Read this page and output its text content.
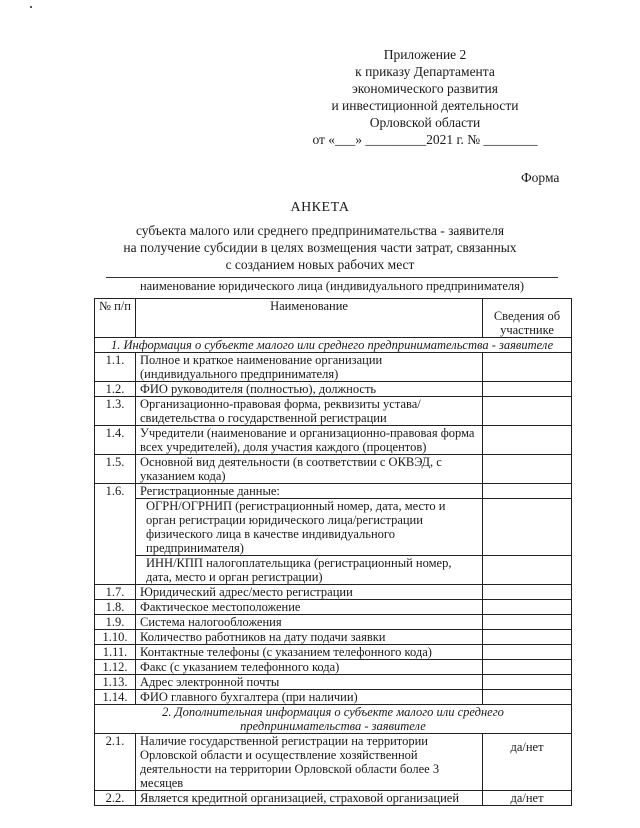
Приложение 2
к приказу Департамента
экономического развития
и инвестиционной деятельности
Орловской области
от «___» _________2021 г. № ________
Форма
АНКЕТА
субъекта малого или среднего предпринимательства - заявителя
на получение субсидии в целях возмещения части затрат, связанных
с созданием новых рабочих мест
наименование юридического лица (индивидуального предпринимателя)
№ п/п	Наименование	Сведения об участнике
1. Информация о субъекте малого или среднего предпринимательства - заявителе		
1.1.	Полное и краткое наименование организации (индивидуального предпринимателя)	
1.2.	ФИО руководителя (полностью), должность	
1.3.	Организационно-правовая форма, реквизиты устава/свидетельства о государственной регистрации	
1.4.	Учредители (наименование и организационно-правовая форма всех учредителей), доля участия каждого (процентов)	
1.5.	Основной вид деятельности (в соответствии с ОКВЭД, с указанием кода)	
1.6.	Регистрационные данные:	
	ОГРН/ОГРНИП (регистрационный номер, дата, место и орган регистрации юридического лица/регистрации физического лица в качестве индивидуального предпринимателя)	
	ИНН/КПП налогоплательщика (регистрационный номер, дата, место и орган регистрации)	
1.7.	Юридический адрес/место регистрации	
1.8.	Фактическое местоположение	
1.9.	Система налогообложения	
1.10.	Количество работников на дату подачи заявки	
1.11.	Контактные телефоны (с указанием телефонного кода)	
1.12.	Факс (с указанием телефонного кода)	
1.13.	Адрес электронной почты	
1.14.	ФИО главного бухгалтера (при наличии)	

2. Дополнительная информация о субъекте малого или среднего
предпринимательства - заявителе		

2.1.	Наличие государственной регистрации на территории Орловской области и осуществление хозяйственной деятельности на территории Орловской области более 3 месяцев	да/нет
2.2.	Является кредитной организацией, страховой организацией	да/нет
